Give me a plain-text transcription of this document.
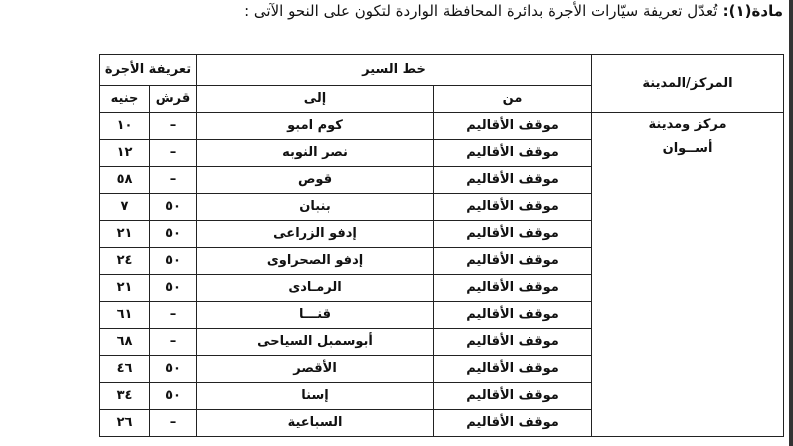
مادة(١): تُعدّل تعريفة سيّارات الأجرة بدائرة المحافظة الواردة لتكون على النحو الآتى :
المركز/المدينة	خط السير		تعريفة الأجرة	
	من	إلى	قرش	جنيه

مركز ومدينة
أســوان	موقف الأقاليم	كوم امبو	–	١٠
	موقف الأقاليم	نصر النوبه	–	١٢
	موقف الأقاليم	قوص	–	٥٨
	موقف الأقاليم	بنبان	٥٠	٧
	موقف الأقاليم	إدفو الزراعى	٥٠	٢١
	موقف الأقاليم	إدفو الصحراوى	٥٠	٢٤
	موقف الأقاليم	الرمـادى	٥٠	٢١
	موقف الأقاليم	قنـــا	–	٦١
	موقف الأقاليم	أبوسمبل السياحى	–	٦٨
	موقف الأقاليم	الأقصر	٥٠	٤٦
	موقف الأقاليم	إسنا	٥٠	٣٤
	موقف الأقاليم	السباعية	–	٢٦
